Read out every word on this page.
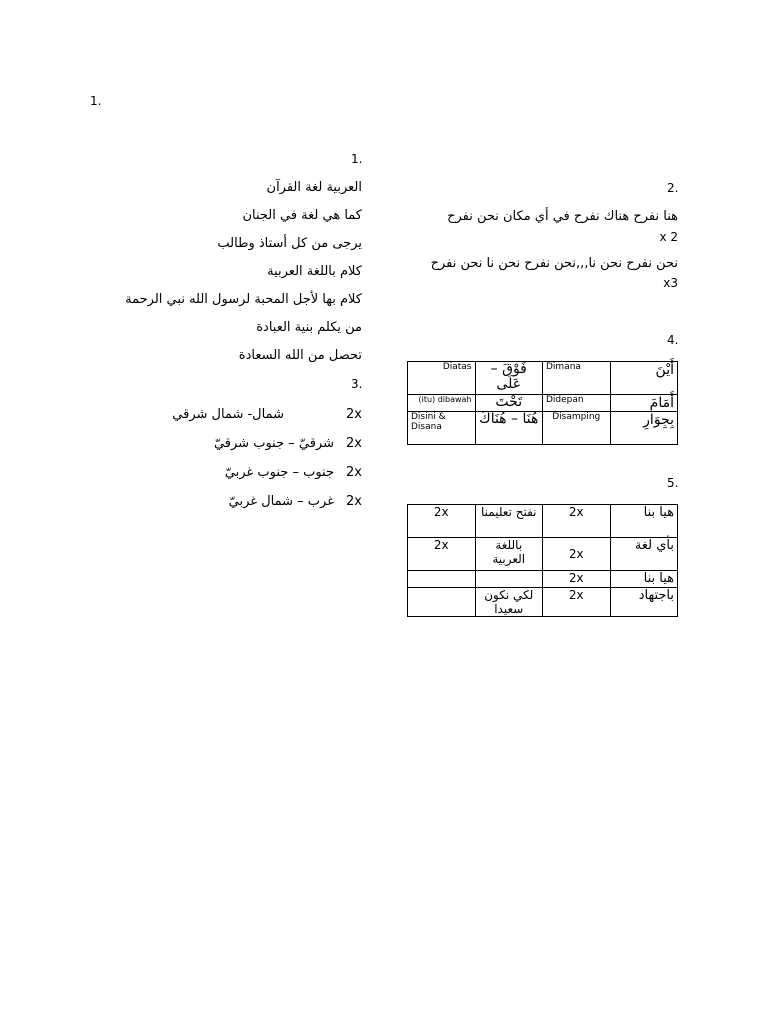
1.
1.
العربية لغة القرآن
كما هي لغة في الجنان
يرجى من كل أستاذ وطالب
كلام باللغة العربية
كلام بها لأجل المحبة لرسول الله نبي الرحمة
من يكلم بنية العبادة
تحصل من الله السعادة
3.
شمال- شمال شرقي	2x
شرقيّ – جنوب شرقيّ 2x
جنوب – جنوب غربيّ 2x
غرب – شمال غربيّ 2x
2.
هنا نفرح هناك نفرح في أي مكان نحن نفرح
x 2
نحن نفرح نحن نا,,,نحن نفرح نحن نا نحن نفرح
x3
4.
Diatas	فَوْقَ – عَلَى	Dimana	أَيْنَ
(itu) dibawah	تَحْتَ	Didepan	أَمَامَ
Disini & Disana	هُنَا – هُنَاكَ	Disamping	بِجِوَارِ
5.
2x	نفتح تعليمنا	2x	هيا بنا
2x	باللغة العربية	2x	بأي لغة
		2x	هيا بنا
	لكي نكون سعيدا	2x	باجتهاد
